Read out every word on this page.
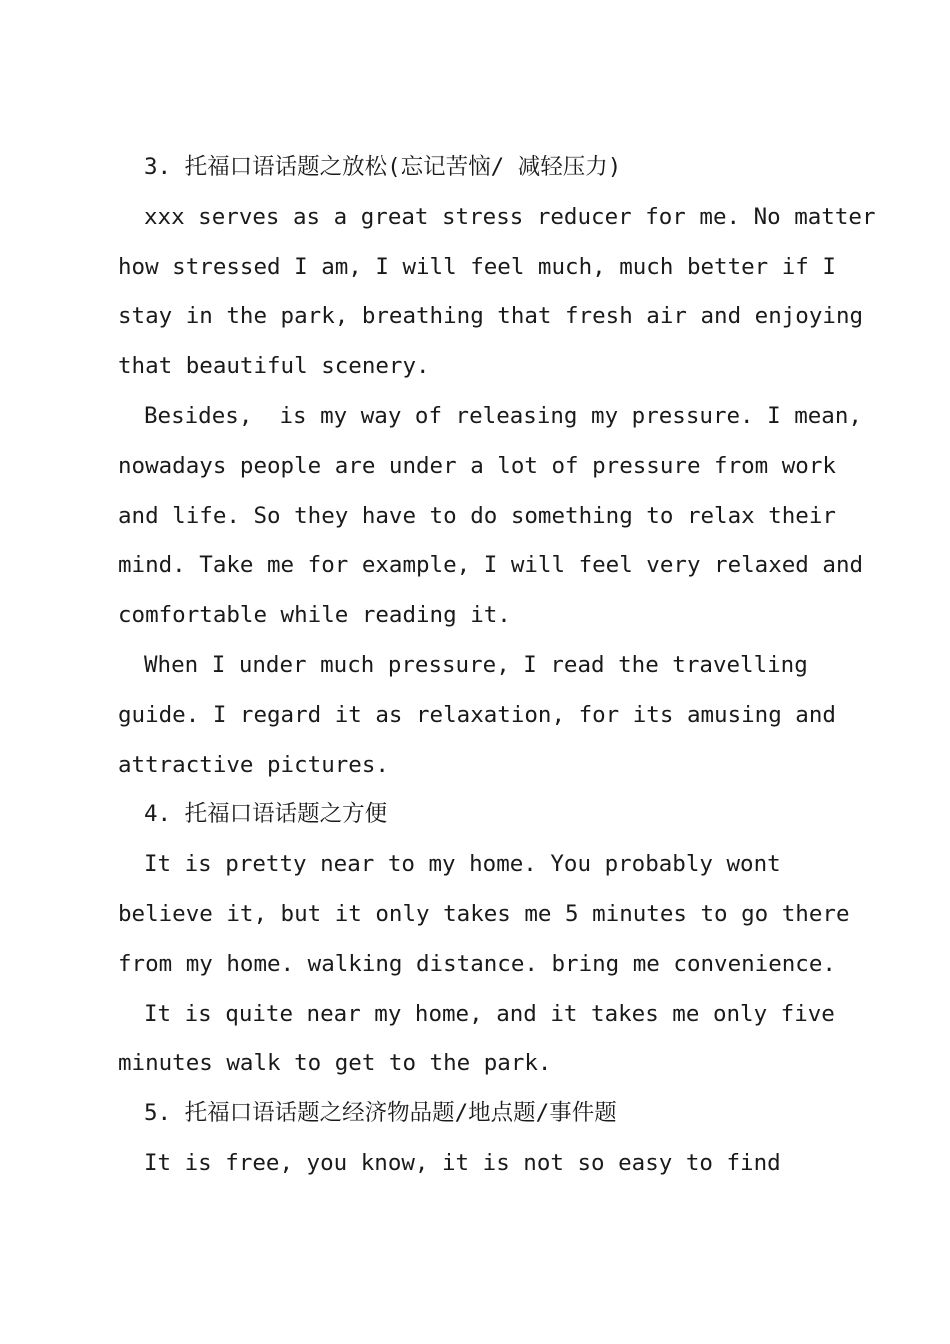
3. 托福口语话题之放松(忘记苦恼/ 减轻压力)
xxx serves as a great stress reducer for me. No matter
how stressed I am, I will feel much, much better if I
stay in the park, breathing that fresh air and enjoying
that beautiful scenery.
Besides,  is my way of releasing my pressure. I mean,
nowadays people are under a lot of pressure from work
and life. So they have to do something to relax their
mind. Take me for example, I will feel very relaxed and
comfortable while reading it.
When I under much pressure, I read the travelling
guide. I regard it as relaxation, for its amusing and
attractive pictures.
4. 托福口语话题之方便
It is pretty near to my home. You probably wont
believe it, but it only takes me 5 minutes to go there
from my home. walking distance. bring me convenience.
It is quite near my home, and it takes me only five
minutes walk to get to the park.
5. 托福口语话题之经济物品题/地点题/事件题
It is free, you know, it is not so easy to find
